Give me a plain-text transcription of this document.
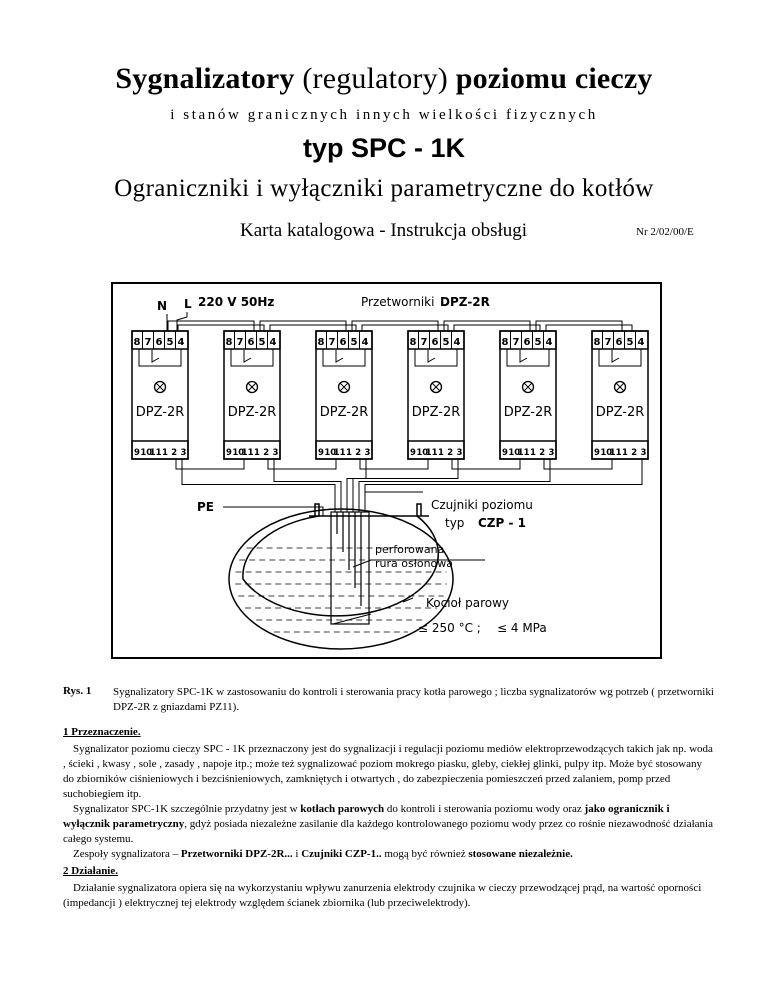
Sygnalizatory (regulatory) poziomu cieczy
i stanów granicznych innych wielkości fizycznych
typ SPC - 1K
Ograniczniki i wyłączniki parametryczne do kotłów
Karta katalogowa - Instrukcja obsługi	Nr 2/02/00/E
8 7 6 5 4
9 10
11 1 2 3
DPZ-2R
8 7 6 5 4
9 10
11 1 2 3
DPZ-2R
8 7 6 5 4
9 10
11 1 2 3
DPZ-2R
8 7 6 5 4
9 10
11 1 2 3
DPZ-2R
8 7 6 5 4
9 10
11 1 2 3
DPZ-2R
8 7 6 5 4
9 10
11 1 2 3
DPZ-2R
N L 220 V 50Hz	Przetworniki DPZ-2R
PE	Czujniki poziomu
typ CZP - 1
perforowana
rura osłonowa
Kocioł parowy
≤ 250 °C ; ≤ 4 MPa
Rys. 1 Sygnalizatory SPC-1K w zastosowaniu do kontroli i sterowania pracy kotła parowego ; liczba sygnalizatorów wg potrzeb ( przetworniki DPZ-2R z gniazdami PZ11).
1 Przeznaczenie.

Sygnalizator poziomu cieczy SPC - 1K przeznaczony jest do sygnalizacji i regulacji poziomu mediów elektroprzewodzących takich jak np. woda , ścieki , kwasy , sole , zasady , napoje itp.; może też sygnalizować poziom mokrego piasku, gleby, ciekłej glinki, pulpy itp. Może być stosowany do zbiorników ciśnieniowych i bezciśnieniowych, zamkniętych i otwartych , do zabezpieczenia pomieszczeń przed zalaniem, pomp przed suchobiegiem itp.

Sygnalizator SPC-1K szczególnie przydatny jest w kotłach parowych do kontroli i sterowania poziomu wody oraz jako ogranicznik i wyłącznik parametryczny, gdyż posiada niezależne zasilanie dla każdego kontrolowanego poziomu wody przez co rośnie niezawodność działania całego systemu.

Zespoły sygnalizatora – Przetworniki DPZ-2R... i Czujniki CZP-1.. mogą być również stosowane niezależnie.

2 Działanie.

Działanie sygnalizatora opiera się na wykorzystaniu wpływu zanurzenia elektrody czujnika w cieczy przewodzącej prąd, na wartość oporności (impedancji ) elektrycznej tej elektrody względem ścianek zbiornika (lub przeciwelektrody).
